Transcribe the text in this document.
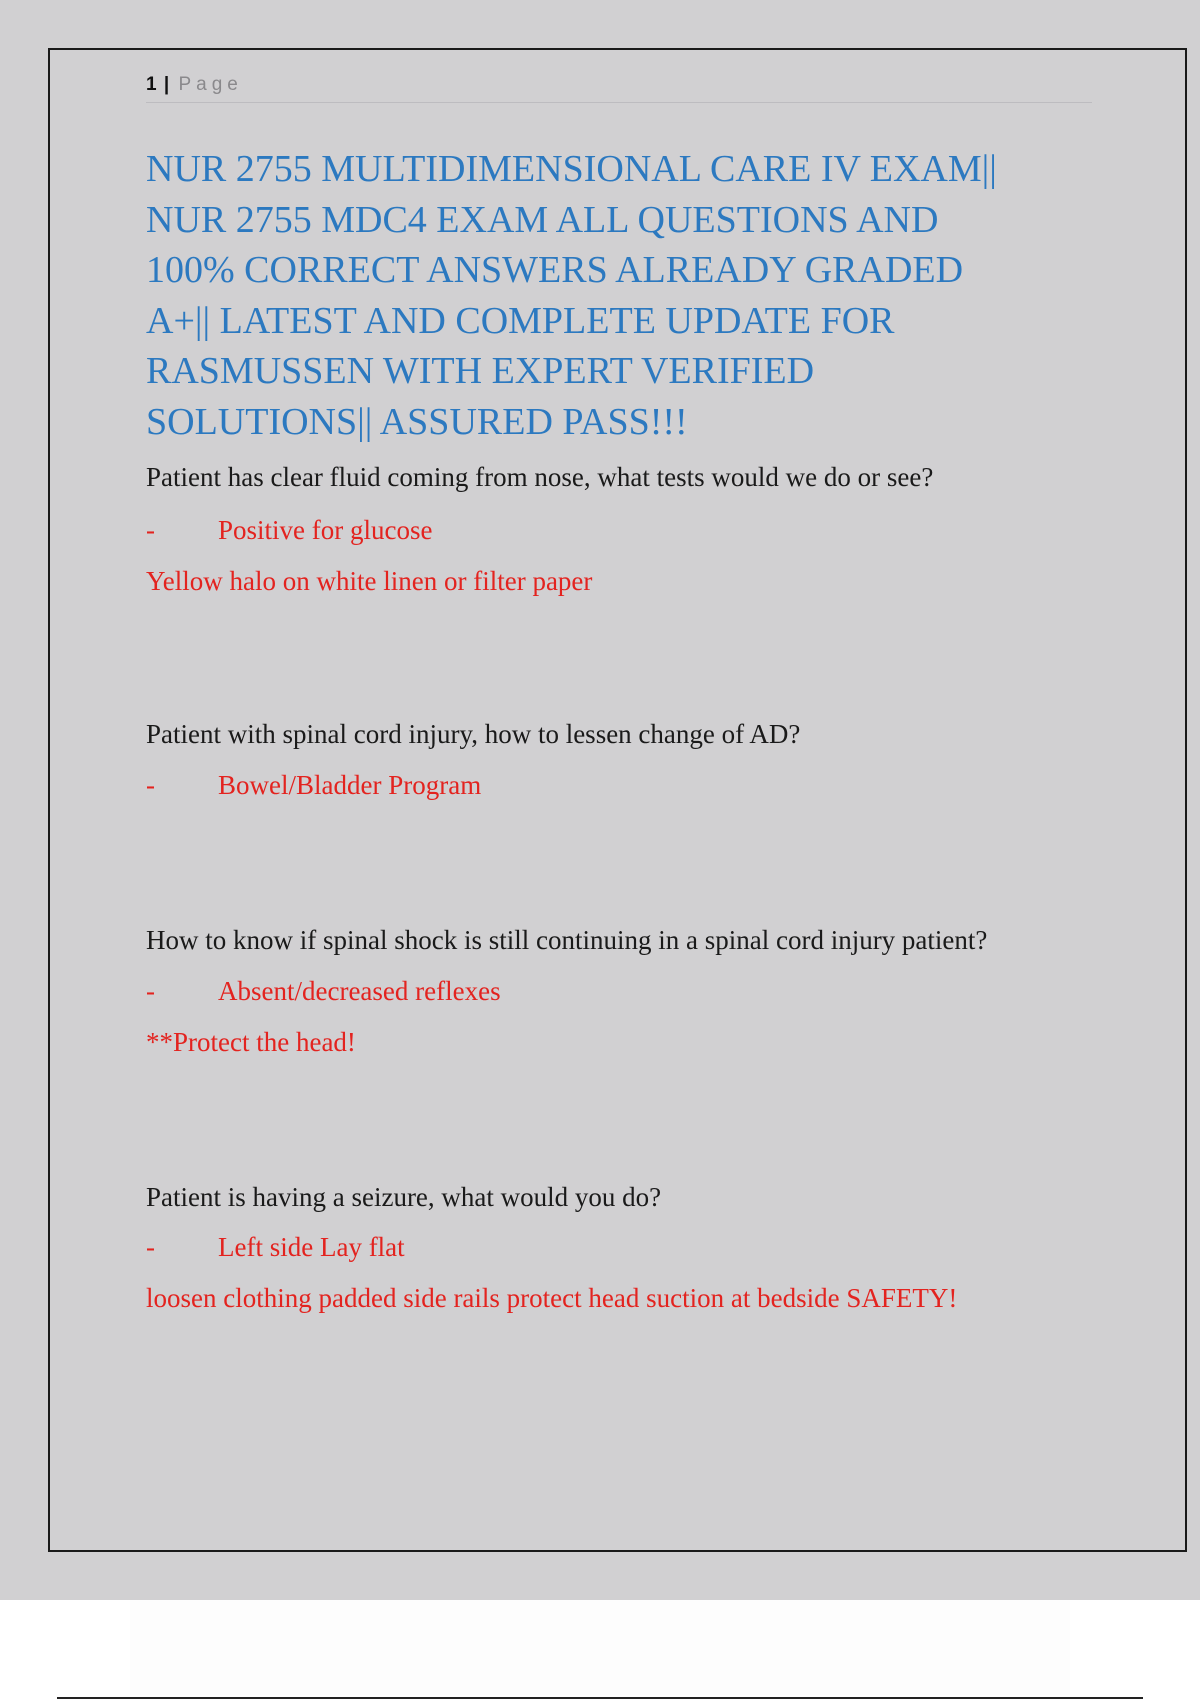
1 | Page
NUR 2755 MULTIDIMENSIONAL CARE IV EXAM||
NUR 2755 MDC4 EXAM ALL QUESTIONS AND
100% CORRECT ANSWERS ALREADY GRADED
A+|| LATEST AND COMPLETE UPDATE FOR
RASMUSSEN WITH EXPERT VERIFIED
SOLUTIONS|| ASSURED PASS!!!

Patient has clear fluid coming from nose, what tests would we do or see?

- Positive for glucose

Yellow halo on white linen or filter paper

Patient with spinal cord injury, how to lessen change of AD?

- Bowel/Bladder Program

How to know if spinal shock is still continuing in a spinal cord injury patient?

- Absent/decreased reflexes

**Protect the head!

Patient is having a seizure, what would you do?

- Left side Lay flat

loosen clothing padded side rails protect head suction at bedside SAFETY!
